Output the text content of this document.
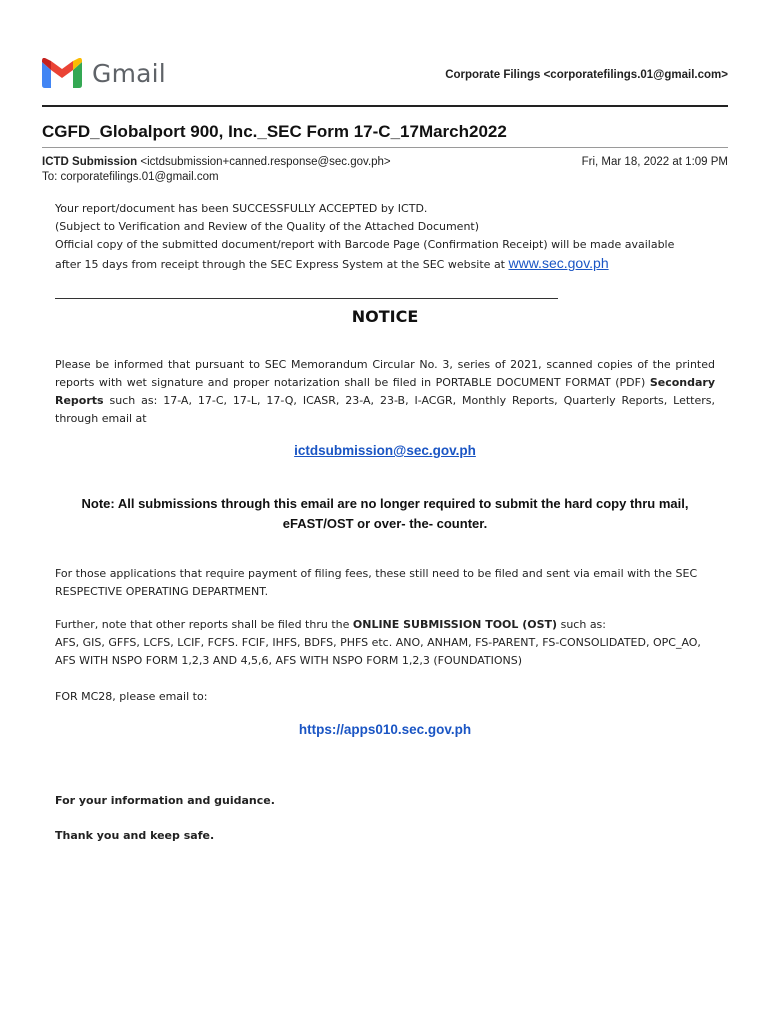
Gmail	Corporate Filings <corporatefilings.01@gmail.com>
CGFD_Globalport 900, Inc._SEC Form 17-C_17March2022
ICTD Submission <ictdsubmission+canned.response@sec.gov.ph>
To: corporatefilings.01@gmail.com
Fri, Mar 18, 2022 at 1:09 PM

Your report/document has been SUCCESSFULLY ACCEPTED by ICTD.

(Subject to Verification and Review of the Quality of the Attached Document)

Official copy of the submitted document/report with Barcode Page (Confirmation Receipt) will be made available

after 15 days from receipt through the SEC Express System at the SEC website at www.sec.gov.ph

NOTICE

Please be informed that pursuant to SEC Memorandum Circular No. 3, series of 2021, scanned copies of the printed reports with wet signature and proper notarization shall be filed in PORTABLE DOCUMENT FORMAT (PDF) Secondary Reports such as: 17-A, 17-C, 17-L, 17-Q, ICASR, 23-A, 23-B, I-ACGR, Monthly Reports, Quarterly Reports, Letters, through email at

ictdsubmission@sec.gov.ph
Note: All submissions through this email are no longer required to submit the hard copy thru mail,
eFAST/OST or over- the- counter.

For those applications that require payment of filing fees, these still need to be filed and sent via email with the SEC

RESPECTIVE OPERATING DEPARTMENT.

Further, note that other reports shall be filed thru the ONLINE SUBMISSION TOOL (OST) such as:

AFS, GIS, GFFS, LCFS, LCIF, FCFS. FCIF, IHFS, BDFS, PHFS etc. ANO, ANHAM, FS-PARENT, FS-CONSOLIDATED, OPC_AO,

AFS WITH NSPO FORM 1,2,3 AND 4,5,6, AFS WITH NSPO FORM 1,2,3 (FOUNDATIONS)

FOR MC28, please email to:

https://apps010.sec.gov.ph
For your information and guidance.
Thank you and keep safe.
